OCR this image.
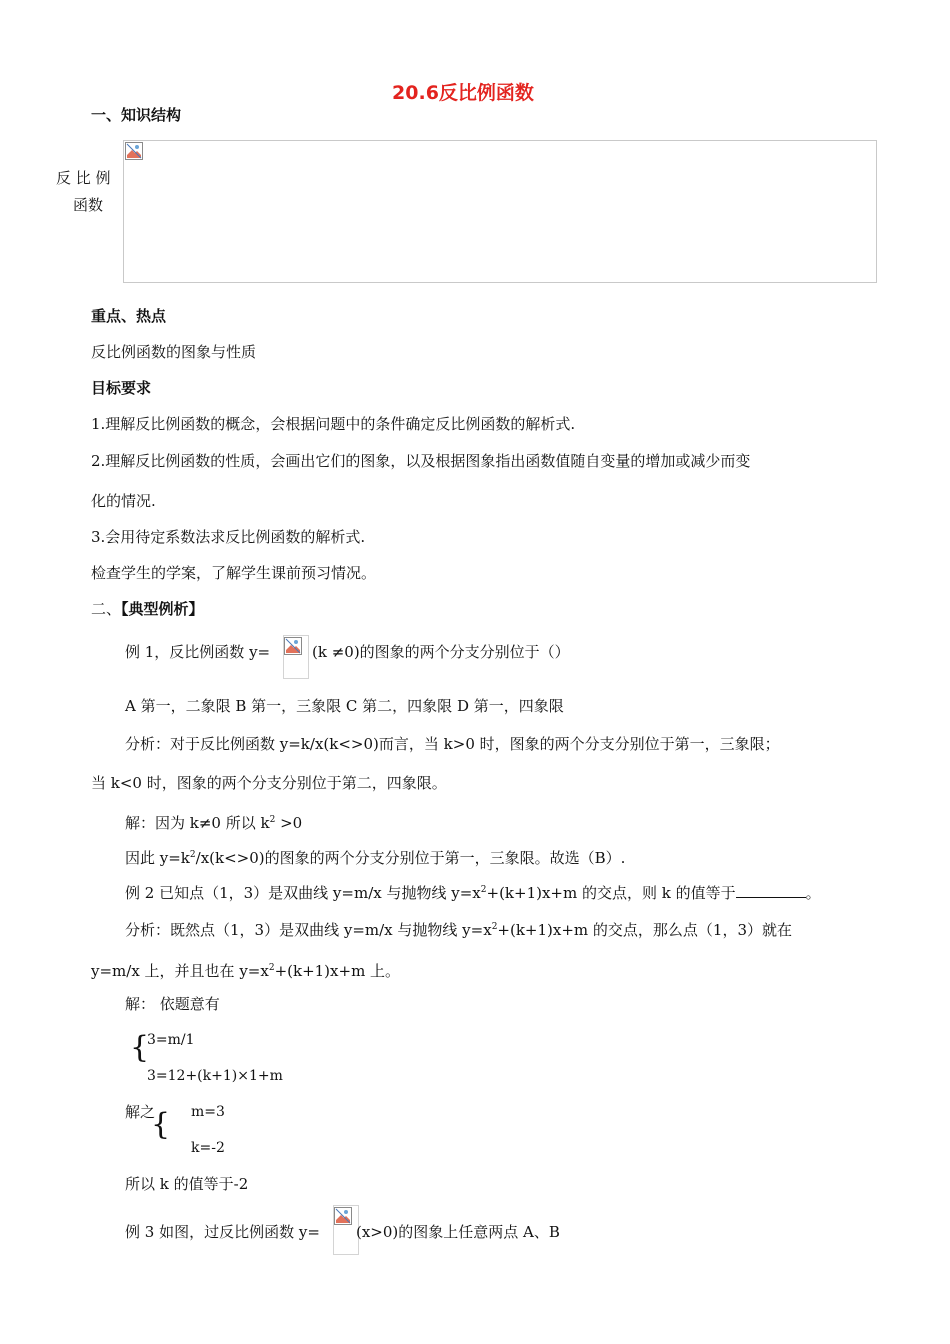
20.6反比例函数
一、知识结构
反 比 例
函数
重点、热点
反比例函数的图象与性质
目标要求
1.理解反比例函数的概念，会根据问题中的条件确定反比例函数的解析式.
2.理解反比例函数的性质，会画出它们的图象，以及根据图象指出函数值随自变量的增加或减少而变
化的情况.
3.会用待定系数法求反比例函数的解析式.
检查学生的学案，了解学生课前预习情况。
二、【典型例析】
例 1，反比例函数 y=	(k ≠0)的图象的两个分支分别位于（）
A 第一，二象限 B 第一，三象限 C 第二，四象限 D 第一，四象限
分析：对于反比例函数 y=k/x(k<>0)而言，当 k>0 时，图象的两个分支分别位于第一，三象限；
当 k<0 时，图象的两个分支分别位于第二，四象限。
解：因为 k≠0 所以 $k^2 >0$
因此 $y=k^2/x(k<>0)$的图象的两个分支分别位于第一，三象限。故选（B）.
例 2 已知点（1，3）是双曲线 y=m/x 与抛物线 $y=x^2+(k+1)x+m$ 的交点，则 k 的值等于	。
分析：既然点（1，3）是双曲线 y=m/x 与抛物线 $y=x^2+(k+1)x+m$ 的交点，那么点（1，3）就在
y=m/x 上，并且也在 $y=x^2+(k+1)x+m$ 上。
解： 依题意有
{
3=m/1
3=12+(k+1)×1+m
解之
{ m=3
k=-2
所以 k 的值等于-2
例 3 如图，过反比例函数 y= (x>0)的图象上任意两点 A、B
